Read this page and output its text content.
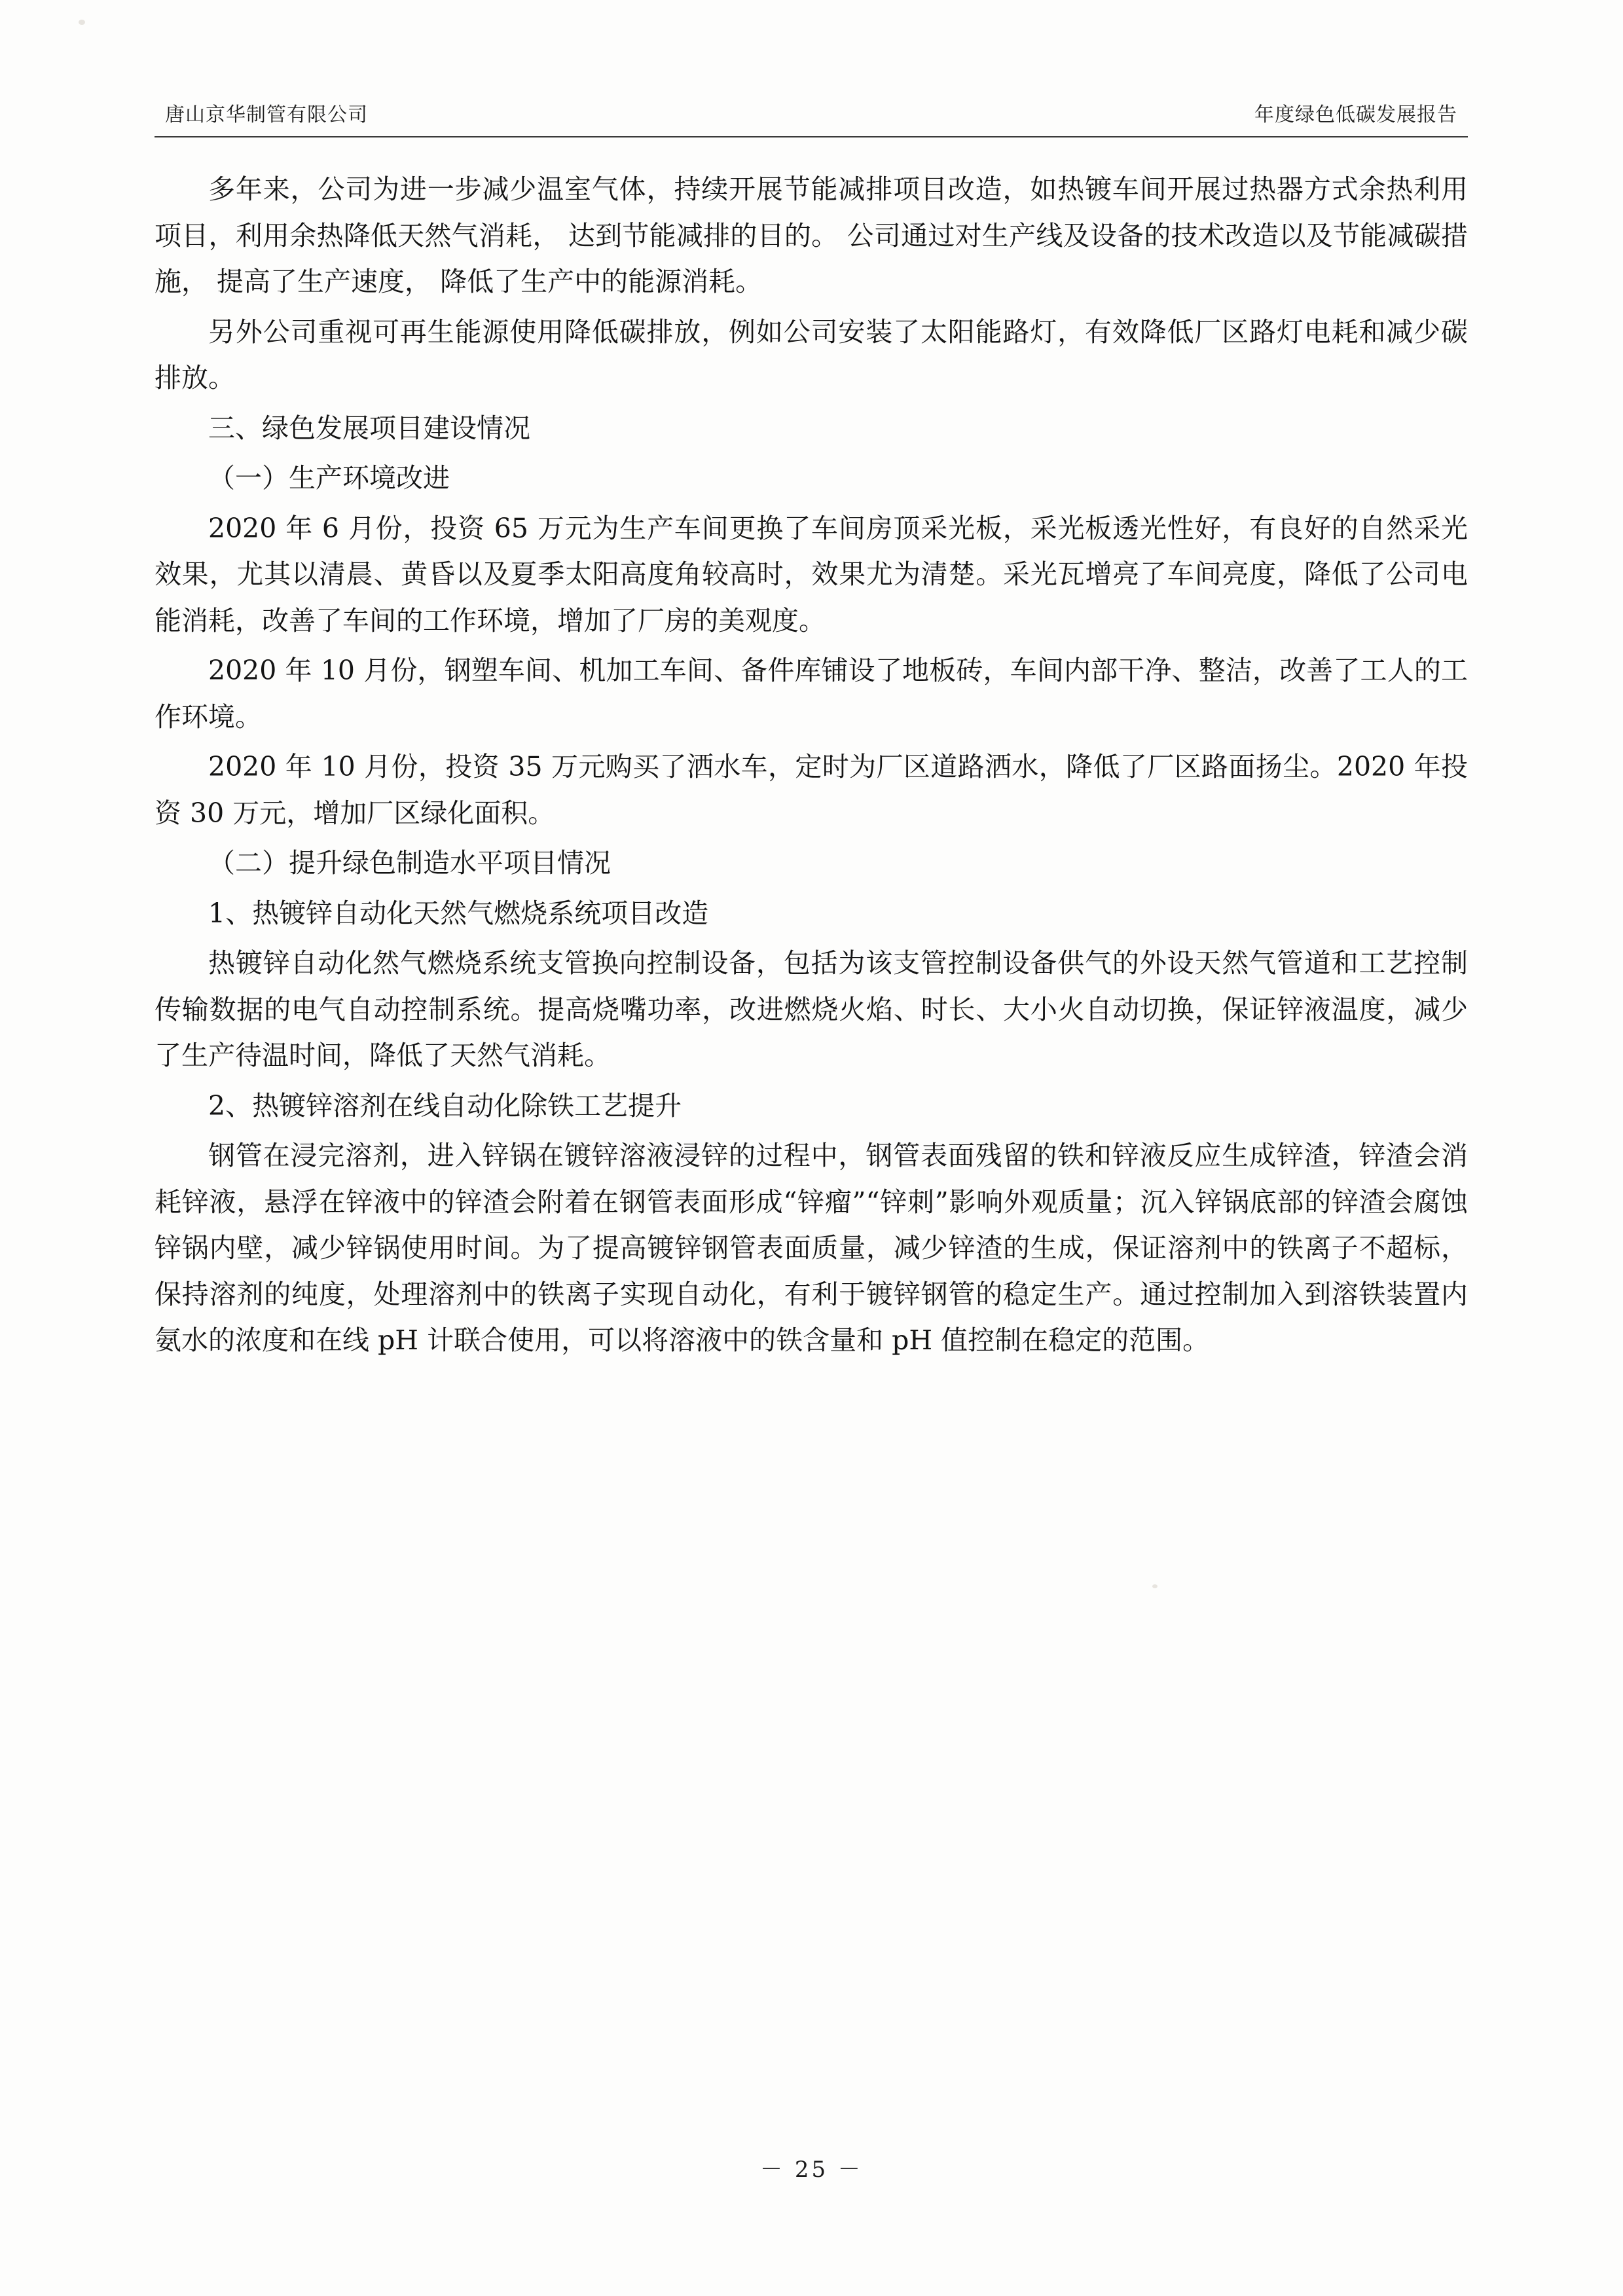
唐山京华制管有限公司	年度绿色低碳发展报告

多年来，公司为进一步减少温室气体，持续开展节能减排项目改造，如热镀车间开展过热器方式余热利用项目，利用余热降低天然气消耗， 达到节能减排的目的。 公司通过对生产线及设备的技术改造以及节能减碳措施， 提高了生产速度， 降低了生产中的能源消耗。

另外公司重视可再生能源使用降低碳排放，例如公司安装了太阳能路灯，有效降低厂区路灯电耗和减少碳排放。

三、绿色发展项目建设情况

（一）生产环境改进

2020 年 6 月份，投资 65 万元为生产车间更换了车间房顶采光板，采光板透光性好，有良好的自然采光效果，尤其以清晨、黄昏以及夏季太阳高度角较高时，效果尤为清楚。采光瓦增亮了车间亮度，降低了公司电能消耗，改善了车间的工作环境，增加了厂房的美观度。

2020 年 10 月份，钢塑车间、机加工车间、备件库铺设了地板砖，车间内部干净、整洁，改善了工人的工作环境。

2020 年 10 月份，投资 35 万元购买了洒水车，定时为厂区道路洒水，降低了厂区路面扬尘。2020 年投资 30 万元，增加厂区绿化面积。

（二）提升绿色制造水平项目情况

1、热镀锌自动化天然气燃烧系统项目改造

热镀锌自动化然气燃烧系统支管换向控制设备，包括为该支管控制设备供气的外设天然气管道和工艺控制传输数据的电气自动控制系统。提高烧嘴功率，改进燃烧火焰、时长、大小火自动切换，保证锌液温度，减少了生产待温时间，降低了天然气消耗。

2、热镀锌溶剂在线自动化除铁工艺提升

钢管在浸完溶剂，进入锌锅在镀锌溶液浸锌的过程中，钢管表面残留的铁和锌液反应生成锌渣，锌渣会消耗锌液，悬浮在锌液中的锌渣会附着在钢管表面形成“锌瘤”“锌刺”影响外观质量；沉入锌锅底部的锌渣会腐蚀锌锅内壁，减少锌锅使用时间。为了提高镀锌钢管表面质量，减少锌渣的生成，保证溶剂中的铁离子不超标，保持溶剂的纯度，处理溶剂中的铁离子实现自动化，有利于镀锌钢管的稳定生产。通过控制加入到溶铁装置内氨水的浓度和在线 pH 计联合使用，可以将溶液中的铁含量和 pH 值控制在稳定的范围。

－ 25 －
